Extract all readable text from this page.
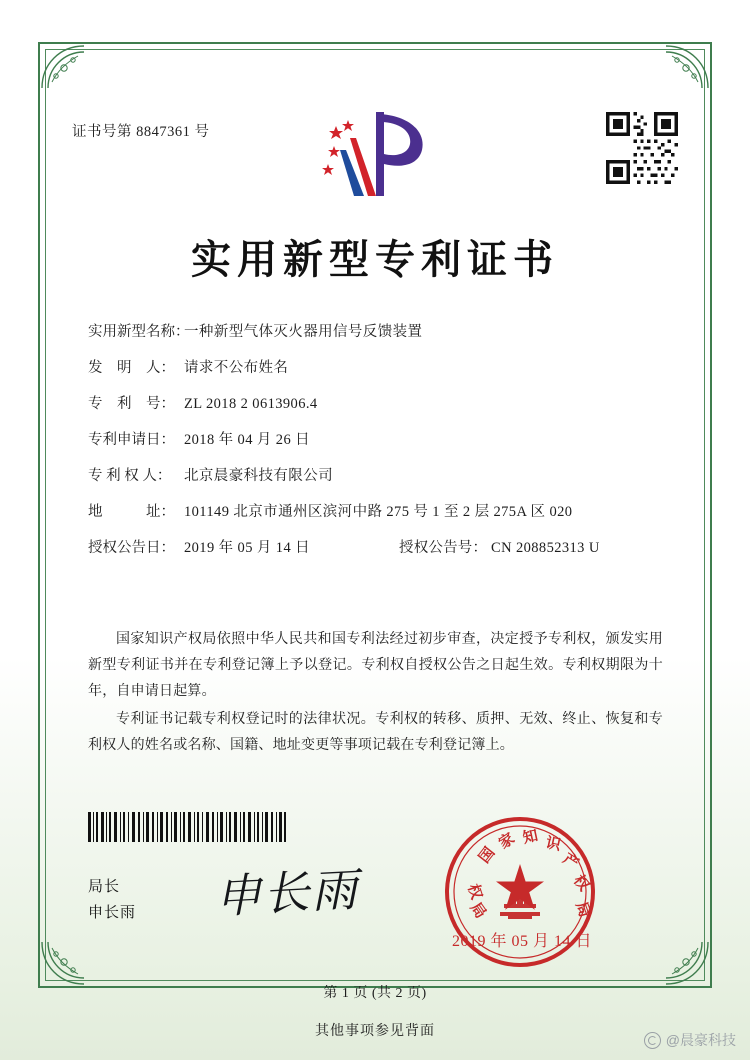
证书号第 8847361 号
实用新型专利证书
实用新型名称：
一种新型气体灭火器用信号反馈装置
发　明　人： 请求不公布姓名
专　利　号： ZL 2018 2 0613906.4
专利申请日： 2018 年 04 月 26 日
专 利 权 人： 北京晨豪科技有限公司
地　　　址： 101149 北京市通州区滨河中路 275 号 1 至 2 层 275A 区 020
授权公告日： 2019 年 05 月 14 日	授权公告号： CN 208852313 U

国家知识产权局依照中华人民共和国专利法经过初步审查，决定授予专利权，颁发实用新型专利证书并在专利登记簿上予以登记。专利权自授权公告之日起生效。专利权期限为十年，自申请日起算。

专利证书记载专利权登记时的法律状况。专利权的转移、质押、无效、终止、恢复和专利权人的姓名或名称、国籍、地址变更等事项记载在专利登记簿上。

局长
申长雨 申长雨
国
家 知 识
产
权
局
局
权
2019 年 05 月 14 日
第 1 页 (共 2 页)
其他事项参见背面
@晨豪科技
